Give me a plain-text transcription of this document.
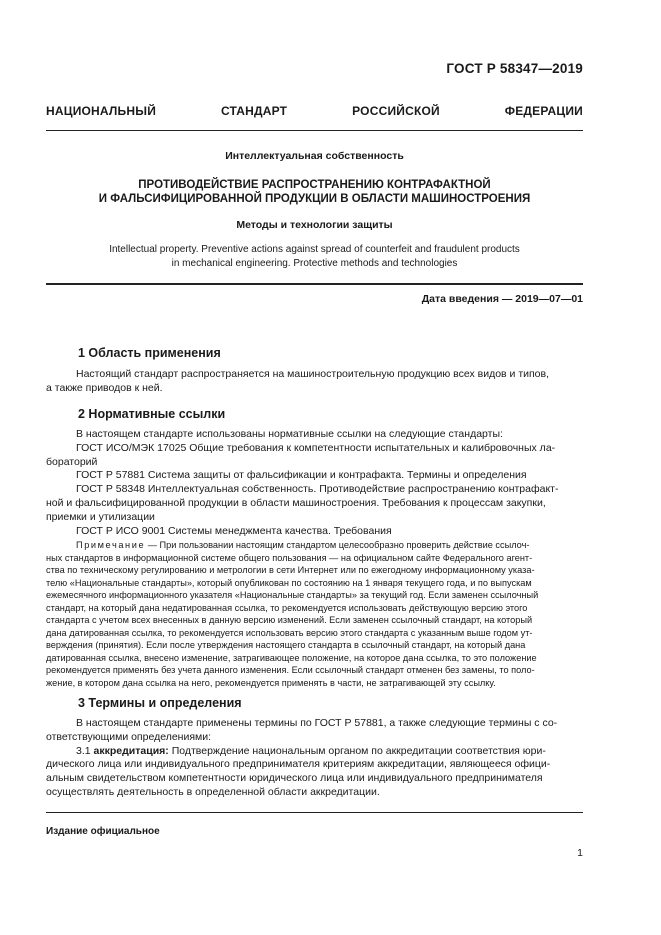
ГОСТ Р 58347—2019
НАЦИОНАЛЬНЫЙ СТАНДАРТ РОССИЙСКОЙ ФЕДЕРАЦИИ
Интеллектуальная собственность
ПРОТИВОДЕЙСТВИЕ РАСПРОСТРАНЕНИЮ КОНТРАФАКТНОЙ
И ФАЛЬСИФИЦИРОВАННОЙ ПРОДУКЦИИ В ОБЛАСТИ МАШИНОСТРОЕНИЯ
Методы и технологии защиты
Intellectual property. Preventive actions against spread of counterfeit and fraudulent products
in mechanical engineering. Protective methods and technologies
Дата введения — 2019—07—01
1 Область применения
Настоящий стандарт распространяется на машиностроительную продукцию всех видов и типов,
а также приводов к ней.
2 Нормативные ссылки
В настоящем стандарте использованы нормативные ссылки на следующие стандарты:
ГОСТ ИСО/МЭК 17025 Общие требования к компетентности испытательных и калибровочных ла-
бораторий
ГОСТ Р 57881 Система защиты от фальсификации и контрафакта. Термины и определения
ГОСТ Р 58348 Интеллектуальная собственность. Противодействие распространению контрафакт-
ной и фальсифицированной продукции в области машиностроения. Требования к процессам закупки,
приемки и утилизации
ГОСТ Р ИСО 9001 Системы менеджмента качества. Требования
Примечание — При пользовании настоящим стандартом целесообразно проверить действие ссылоч-
ных стандартов в информационной системе общего пользования — на официальном сайте Федерального агент-
ства по техническому регулированию и метрологии в сети Интернет или по ежегодному информационному указа-
телю «Национальные стандарты», который опубликован по состоянию на 1 января текущего года, и по выпускам
ежемесячного информационного указателя «Национальные стандарты» за текущий год. Если заменен ссылочный
стандарт, на который дана недатированная ссылка, то рекомендуется использовать действующую версию этого
стандарта с учетом всех внесенных в данную версию изменений. Если заменен ссылочный стандарт, на который
дана датированная ссылка, то рекомендуется использовать версию этого стандарта с указанным выше годом ут-
верждения (принятия). Если после утверждения настоящего стандарта в ссылочный стандарт, на который дана
датированная ссылка, внесено изменение, затрагивающее положение, на которое дана ссылка, то это положение
рекомендуется применять без учета данного изменения. Если ссылочный стандарт отменен без замены, то поло-
жение, в котором дана ссылка на него, рекомендуется применять в части, не затрагивающей эту ссылку.
3 Термины и определения
В настоящем стандарте применены термины по ГОСТ Р 57881, а также следующие термины с со-
ответствующими определениями:
3.1 аккредитация: Подтверждение национальным органом по аккредитации соответствия юри-
дического лица или индивидуального предпринимателя критериям аккредитации, являющееся офици-
альным свидетельством компетентности юридического лица или индивидуального предпринимателя
осуществлять деятельность в определенной области аккредитации.
Издание официальное
1
